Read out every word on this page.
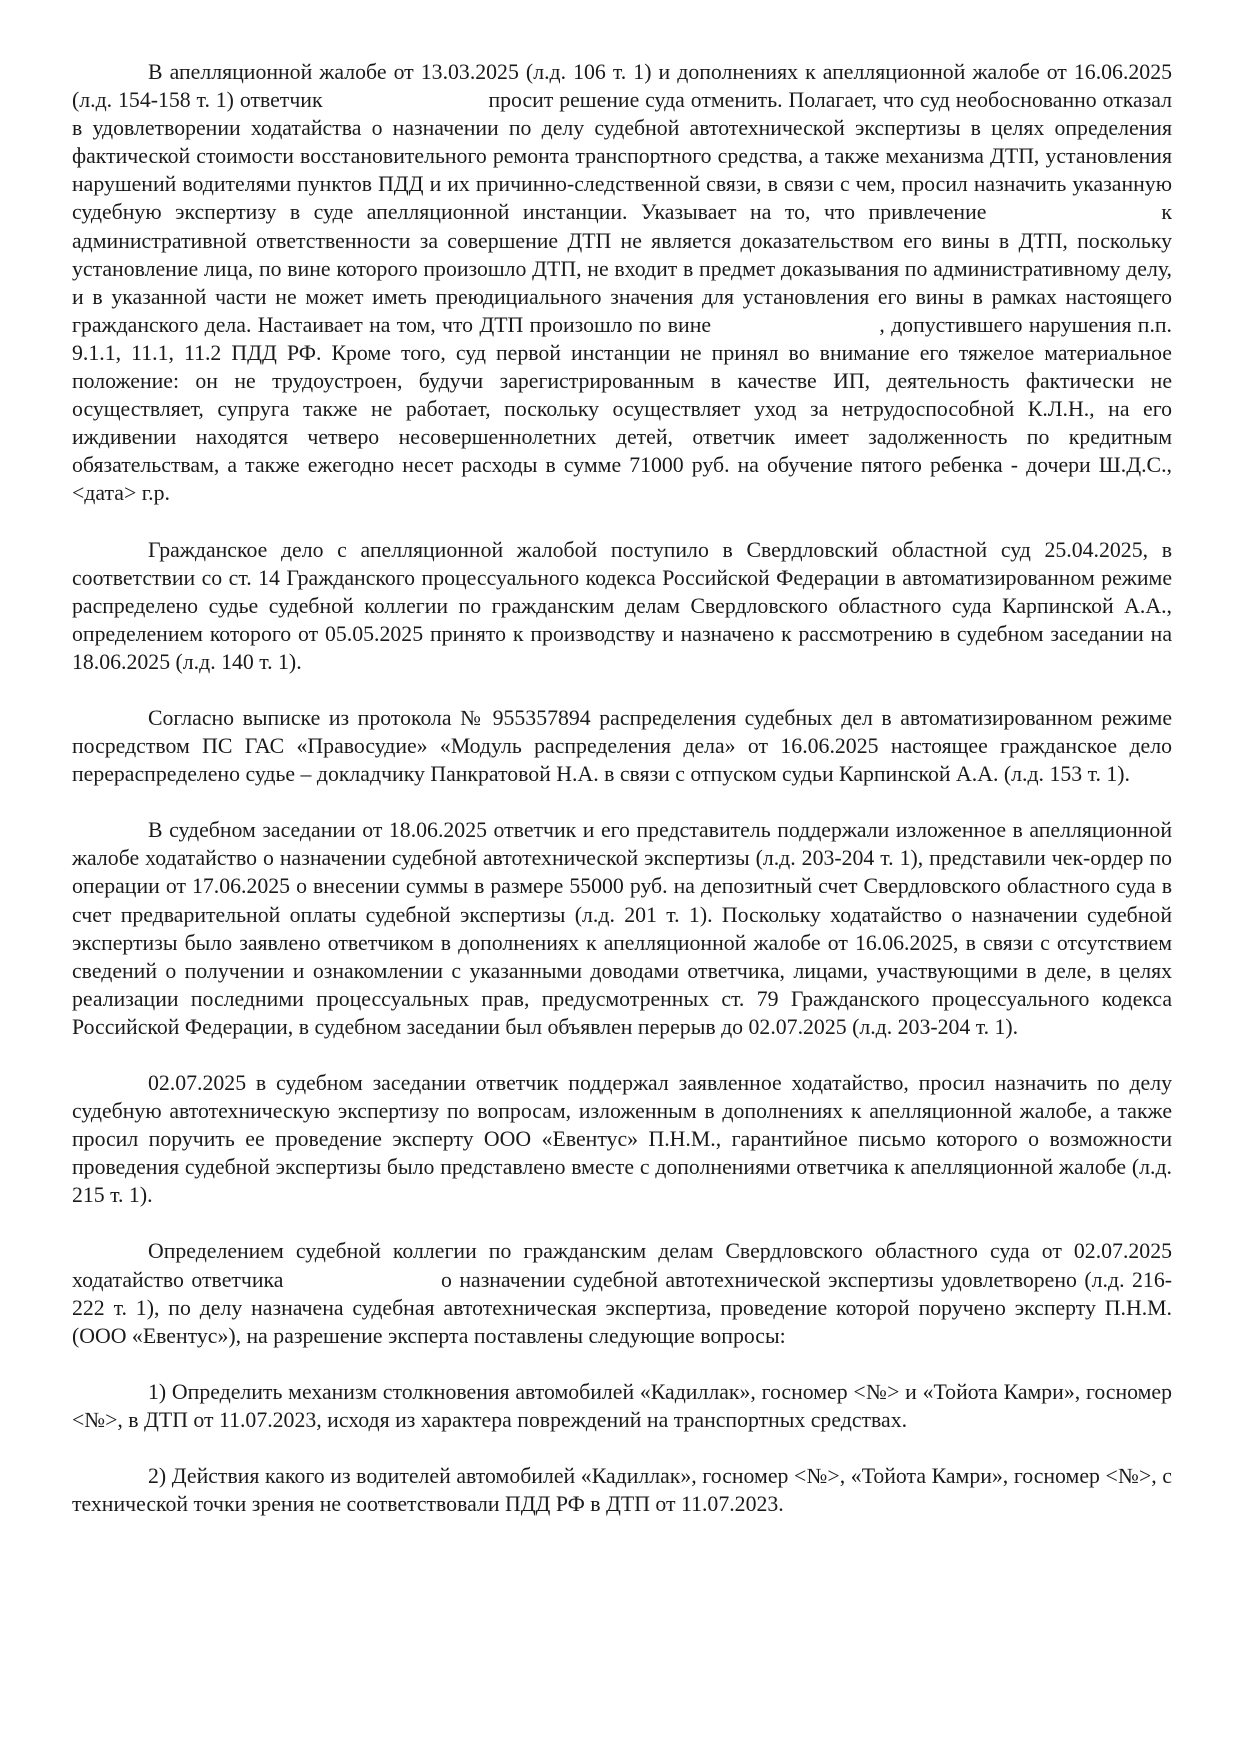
В апелляционной жалобе от 13.03.2025 (л.д. 106 т. 1) и дополнениях к апелляционной жалобе от 16.06.2025 (л.д. 154-158 т. 1) ответчик	просит решение суда отменить. Полагает, что суд необоснованно отказал в удовлетворении ходатайства о назначении по делу судебной автотехнической экспертизы в целях определения фактической стоимости восстановительного ремонта транспортного средства, а также механизма ДТП, установления нарушений водителями пунктов ПДД и их причинно-следственной связи, в связи с чем, просил назначить указанную судебную экспертизу в суде апелляционной инстанции. Указывает на то, что привлечение	к административной ответственности за совершение ДТП не является доказательством его вины в ДТП, поскольку установление лица, по вине которого произошло ДТП, не входит в предмет доказывания по административному делу, и в указанной части не может иметь преюдициального значения для установления его вины в рамках настоящего гражданского дела. Настаивает на том, что ДТП произошло по вине	, допустившего нарушения п.п. 9.1.1, 11.1, 11.2 ПДД РФ. Кроме того, суд первой инстанции не принял во внимание его тяжелое материальное положение: он не трудоустроен, будучи зарегистрированным в качестве ИП, деятельность фактически не осуществляет, супруга также не работает, поскольку осуществляет уход за нетрудоспособной К.Л.Н., на его иждивении находятся четверо несовершеннолетних детей, ответчик имеет задолженность по кредитным обязательствам, а также ежегодно несет расходы в сумме 71000 руб. на обучение пятого ребенка - дочери Ш.Д.С., <дата> г.р.

Гражданское дело с апелляционной жалобой поступило в Свердловский областной суд 25.04.2025, в соответствии со ст. 14 Гражданского процессуального кодекса Российской Федерации в автоматизированном режиме распределено судье судебной коллегии по гражданским делам Свердловского областного суда Карпинской А.А., определением которого от 05.05.2025 принято к производству и назначено к рассмотрению в судебном заседании на 18.06.2025 (л.д. 140 т. 1).

Согласно выписке из протокола № 955357894 распределения судебных дел в автоматизированном режиме посредством ПС ГАС «Правосудие» «Модуль распределения дела» от 16.06.2025 настоящее гражданское дело перераспределено судье – докладчику Панкратовой Н.А. в связи с отпуском судьи Карпинской А.А. (л.д. 153 т. 1).

В судебном заседании от 18.06.2025 ответчик и его представитель поддержали изложенное в апелляционной жалобе ходатайство о назначении судебной автотехнической экспертизы (л.д. 203-204 т. 1), представили чек-ордер по операции от 17.06.2025 о внесении суммы в размере 55000 руб. на депозитный счет Свердловского областного суда в счет предварительной оплаты судебной экспертизы (л.д. 201 т. 1). Поскольку ходатайство о назначении судебной экспертизы было заявлено ответчиком в дополнениях к апелляционной жалобе от 16.06.2025, в связи с отсутствием сведений о получении и ознакомлении с указанными доводами ответчика, лицами, участвующими в деле, в целях реализации последними процессуальных прав, предусмотренных ст. 79 Гражданского процессуального кодекса Российской Федерации, в судебном заседании был объявлен перерыв до 02.07.2025 (л.д. 203-204 т. 1).

02.07.2025 в судебном заседании ответчик поддержал заявленное ходатайство, просил назначить по делу судебную автотехническую экспертизу по вопросам, изложенным в дополнениях к апелляционной жалобе, а также просил поручить ее проведение эксперту ООО «Евентус» П.Н.М., гарантийное письмо которого о возможности проведения судебной экспертизы было представлено вместе с дополнениями ответчика к апелляционной жалобе (л.д. 215 т. 1).

Определением судебной коллегии по гражданским делам Свердловского областного суда от 02.07.2025 ходатайство ответчика	о назначении судебной автотехнической экспертизы удовлетворено (л.д. 216-222 т. 1), по делу назначена судебная автотехническая экспертиза, проведение которой поручено эксперту П.Н.М. (ООО «Евентус»), на разрешение эксперта поставлены следующие вопросы:

1) Определить механизм столкновения автомобилей «Кадиллак», госномер <№> и «Тойота Камри», госномер <№>, в ДТП от 11.07.2023, исходя из характера повреждений на транспортных средствах.

2) Действия какого из водителей автомобилей «Кадиллак», госномер <№>, «Тойота Камри», госномер <№>, с технической точки зрения не соответствовали ПДД РФ в ДТП от 11.07.2023.
